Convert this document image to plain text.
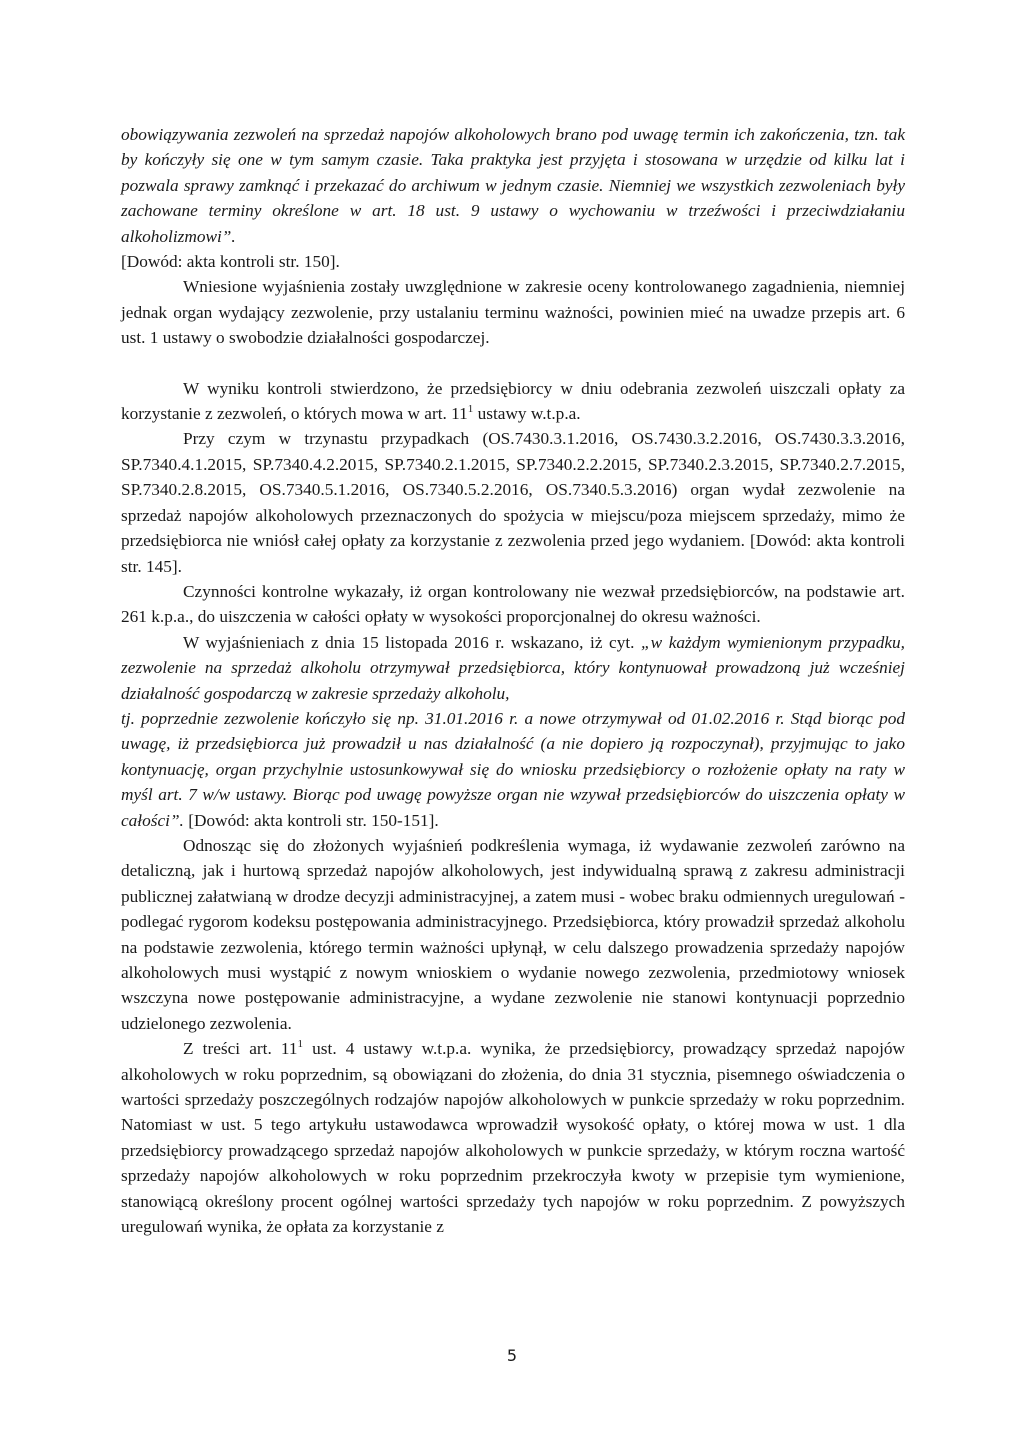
obowiązywania zezwoleń na sprzedaż napojów alkoholowych brano pod uwagę termin ich zakończenia, tzn. tak by kończyły się one w tym samym czasie. Taka praktyka jest przyjęta i stosowana w urzędzie od kilku lat i pozwala sprawy zamknąć i przekazać do archiwum w jednym czasie. Niemniej we wszystkich zezwoleniach były zachowane terminy określone w art. 18 ust. 9 ustawy o wychowaniu w trzeźwości i przeciwdziałaniu alkoholizmowi”.
[Dowód: akta kontroli str. 150].

Wniesione wyjaśnienia zostały uwzględnione w zakresie oceny kontrolowanego zagadnienia, niemniej jednak organ wydający zezwolenie, przy ustalaniu terminu ważności, powinien mieć na uwadze przepis art. 6 ust. 1 ustawy o swobodzie działalności gospodarczej.

W wyniku kontroli stwierdzono, że przedsiębiorcy w dniu odebrania zezwoleń uiszczali opłaty za korzystanie z zezwoleń, o których mowa w art. $11^1$ ustawy w.t.p.a.

Przy czym w trzynastu przypadkach (OS.7430.3.1.2016, OS.7430.3.2.2016, OS.7430.3.3.2016, SP.7340.4.1.2015, SP.7340.4.2.2015, SP.7340.2.1.2015, SP.7340.2.2.2015, SP.7340.2.3.2015, SP.7340.2.7.2015, SP.7340.2.8.2015, OS.7340.5.1.2016, OS.7340.5.2.2016, OS.7340.5.3.2016) organ wydał zezwolenie na sprzedaż napojów alkoholowych przeznaczonych do spożycia w miejscu/poza miejscem sprzedaży, mimo że przedsiębiorca nie wniósł całej opłaty za korzystanie z zezwolenia przed jego wydaniem. [Dowód: akta kontroli str. 145].

Czynności kontrolne wykazały, iż organ kontrolowany nie wezwał przedsiębiorców, na podstawie art. 261 k.p.a., do uiszczenia w całości opłaty w wysokości proporcjonalnej do okresu ważności.

W wyjaśnieniach z dnia 15 listopada 2016 r. wskazano, iż cyt. „w każdym wymienionym przypadku, zezwolenie na sprzedaż alkoholu otrzymywał przedsiębiorca, który kontynuował prowadzoną już wcześniej działalność gospodarczą w zakresie sprzedaży alkoholu,
tj. poprzednie zezwolenie kończyło się np. 31.01.2016 r. a nowe otrzymywał od 01.02.2016 r. Stąd biorąc pod uwagę, iż przedsiębiorca już prowadził u nas działalność (a nie dopiero ją rozpoczynał), przyjmując to jako kontynuację, organ przychylnie ustosunkowywał się do wniosku przedsiębiorcy o rozłożenie opłaty na raty w myśl art. 7 w/w ustawy. Biorąc pod uwagę powyższe organ nie wzywał przedsiębiorców do uiszczenia opłaty w całości”. [Dowód: akta kontroli str. 150-151].

Odnosząc się do złożonych wyjaśnień podkreślenia wymaga, iż wydawanie zezwoleń zarówno na detaliczną, jak i hurtową sprzedaż napojów alkoholowych, jest indywidualną sprawą z zakresu administracji publicznej załatwianą w drodze decyzji administracyjnej, a zatem musi - wobec braku odmiennych uregulowań - podlegać rygorom kodeksu postępowania administracyjnego. Przedsiębiorca, który prowadził sprzedaż alkoholu na podstawie zezwolenia, którego termin ważności upłynął, w celu dalszego prowadzenia sprzedaży napojów alkoholowych musi wystąpić z nowym wnioskiem o wydanie nowego zezwolenia, przedmiotowy wniosek wszczyna nowe postępowanie administracyjne, a wydane zezwolenie nie stanowi kontynuacji poprzednio udzielonego zezwolenia.

Z treści art. $11^1$ ust. 4 ustawy w.t.p.a. wynika, że przedsiębiorcy, prowadzący sprzedaż napojów alkoholowych w roku poprzednim, są obowiązani do złożenia, do dnia 31 stycznia, pisemnego oświadczenia o wartości sprzedaży poszczególnych rodzajów napojów alkoholowych w punkcie sprzedaży w roku poprzednim. Natomiast w ust. 5 tego artykułu ustawodawca wprowadził wysokość opłaty, o której mowa w ust. 1 dla przedsiębiorcy prowadzącego sprzedaż napojów alkoholowych w punkcie sprzedaży, w którym roczna wartość sprzedaży napojów alkoholowych w roku poprzednim przekroczyła kwoty w przepisie tym wymienione, stanowiącą określony procent ogólnej wartości sprzedaży tych napojów w roku poprzednim. Z powyższych uregulowań wynika, że opłata za korzystanie z

5
